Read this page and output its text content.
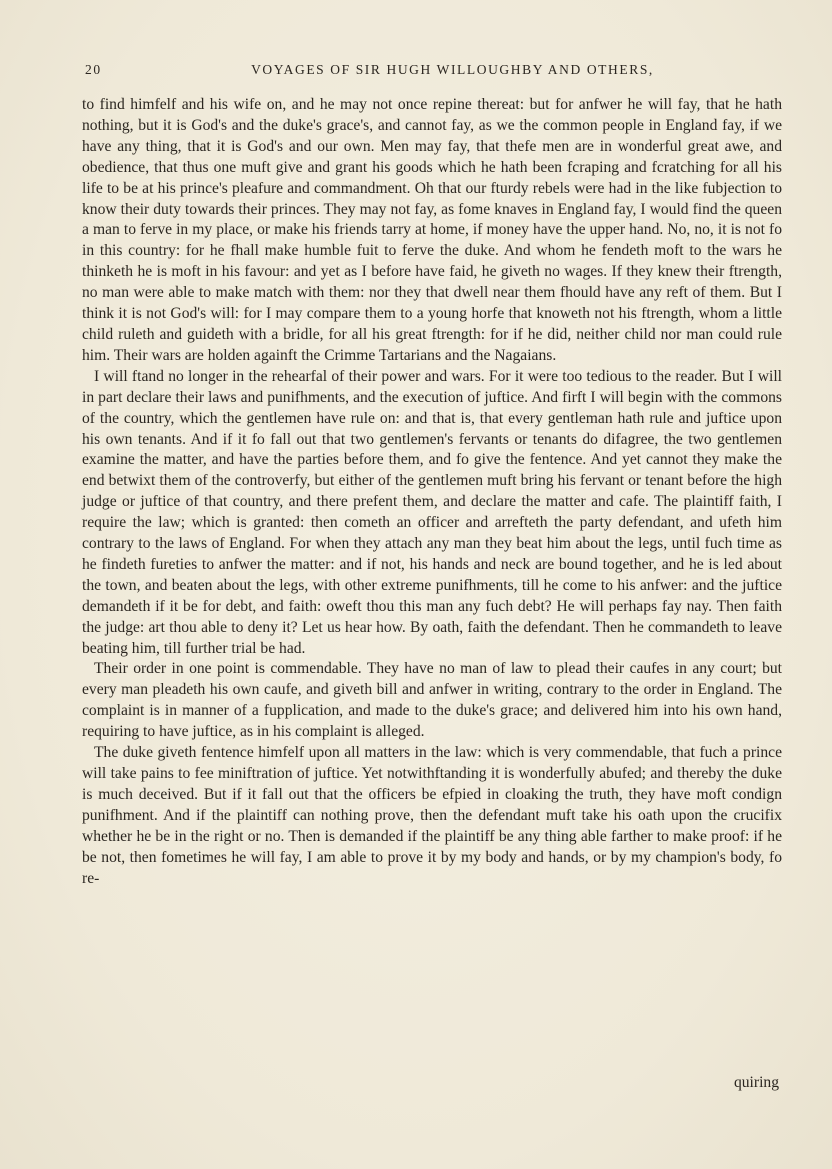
20	VOYAGES OF SIR HUGH WILLOUGHBY AND OTHERS,

to find himfelf and his wife on, and he may not once repine thereat: but for anfwer he will fay, that he hath nothing, but it is God's and the duke's grace's, and cannot fay, as we the common people in England fay, if we have any thing, that it is God's and our own. Men may fay, that thefe men are in wonderful great awe, and obedience, that thus one muft give and grant his goods which he hath been fcraping and fcratching for all his life to be at his prince's pleafure and commandment. Oh that our fturdy rebels were had in the like fubjection to know their duty towards their princes. They may not fay, as fome knaves in England fay, I would find the queen a man to ferve in my place, or make his friends tarry at home, if money have the upper hand. No, no, it is not fo in this country: for he fhall make humble fuit to ferve the duke. And whom he fendeth moft to the wars he thinketh he is moft in his favour: and yet as I before have faid, he giveth no wages. If they knew their ftrength, no man were able to make match with them: nor they that dwell near them fhould have any reft of them. But I think it is not God's will: for I may compare them to a young horfe that knoweth not his ftrength, whom a little child ruleth and guideth with a bridle, for all his great ftrength: for if he did, neither child nor man could rule him. Their wars are holden againft the Crimme Tartarians and the Nagaians.

I will ftand no longer in the rehearfal of their power and wars. For it were too tedious to the reader. But I will in part declare their laws and punifhments, and the execution of juftice. And firft I will begin with the commons of the country, which the gentlemen have rule on: and that is, that every gentleman hath rule and juftice upon his own tenants. And if it fo fall out that two gentlemen's fervants or tenants do difagree, the two gentlemen examine the matter, and have the parties before them, and fo give the fentence. And yet cannot they make the end betwixt them of the controverfy, but either of the gentlemen muft bring his fervant or tenant before the high judge or juftice of that country, and there prefent them, and declare the matter and cafe. The plaintiff faith, I require the law; which is granted: then cometh an officer and arrefteth the party defendant, and ufeth him contrary to the laws of England. For when they attach any man they beat him about the legs, until fuch time as he findeth fureties to anfwer the matter: and if not, his hands and neck are bound together, and he is led about the town, and beaten about the legs, with other extreme punifhments, till he come to his anfwer: and the juftice demandeth if it be for debt, and faith: oweft thou this man any fuch debt? He will perhaps fay nay. Then faith the judge: art thou able to deny it? Let us hear how. By oath, faith the defendant. Then he commandeth to leave beating him, till further trial be had.

Their order in one point is commendable. They have no man of law to plead their caufes in any court; but every man pleadeth his own caufe, and giveth bill and anfwer in writing, contrary to the order in England. The complaint is in manner of a fupplication, and made to the duke's grace; and delivered him into his own hand, requiring to have juftice, as in his complaint is alleged.

The duke giveth fentence himfelf upon all matters in the law: which is very commendable, that fuch a prince will take pains to fee miniftration of juftice. Yet notwithftanding it is wonderfully abufed; and thereby the duke is much deceived. But if it fall out that the officers be efpied in cloaking the truth, they have moft condign punifhment. And if the plaintiff can nothing prove, then the defendant muft take his oath upon the crucifix whether he be in the right or no. Then is demanded if the plaintiff be any thing able farther to make proof: if he be not, then fometimes he will fay, I am able to prove it by my body and hands, or by my champion's body, fo re-

quiring
